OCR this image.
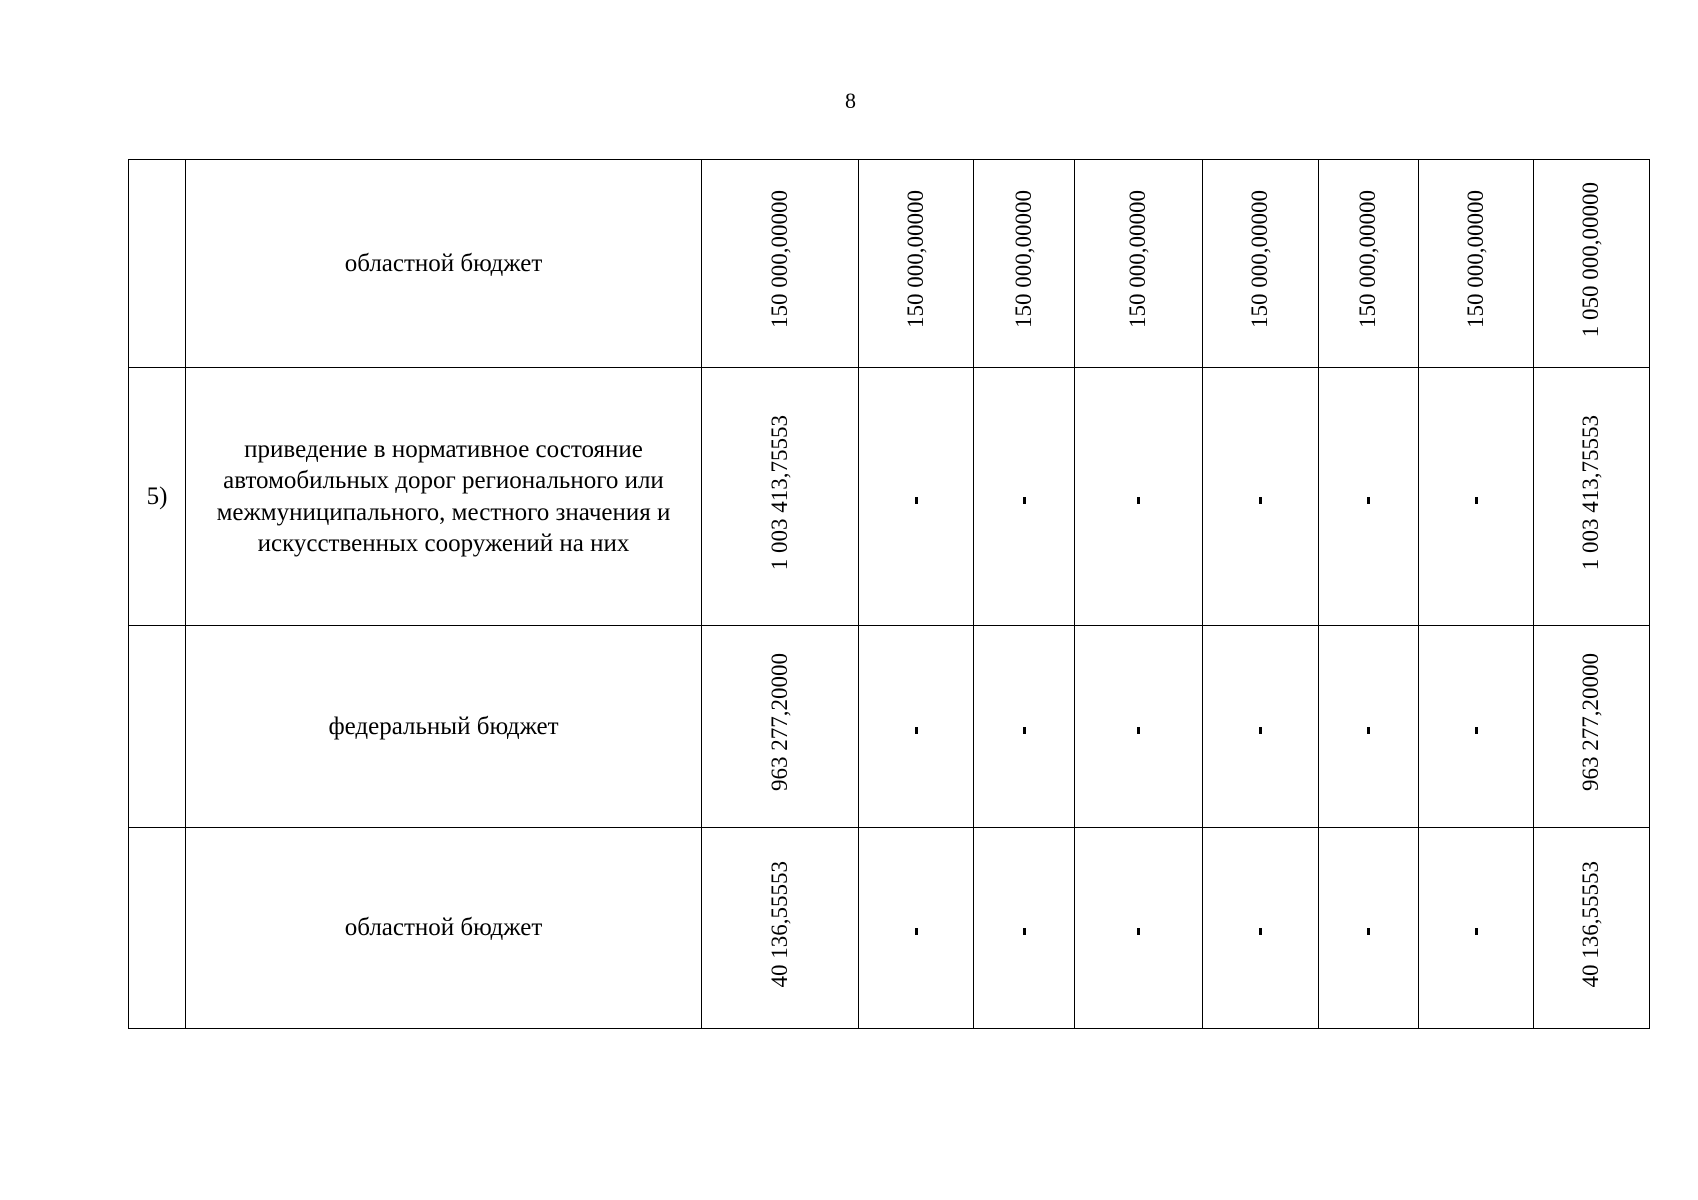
8
	областной бюджет	150 000,00000	150 000,00000	150 000,00000	150 000,00000	150 000,00000	150 000,00000	150 000,00000	1 050 000,00000
5)	приведение в нормативное состояние автомобильных дорог регионального или межмуниципального, местного значения и искусственных сооружений на них	1 003 413,75553							1 003 413,75553
	федеральный бюджет	963 277,20000							963 277,20000
	областной бюджет	40 136,55553							40 136,55553
